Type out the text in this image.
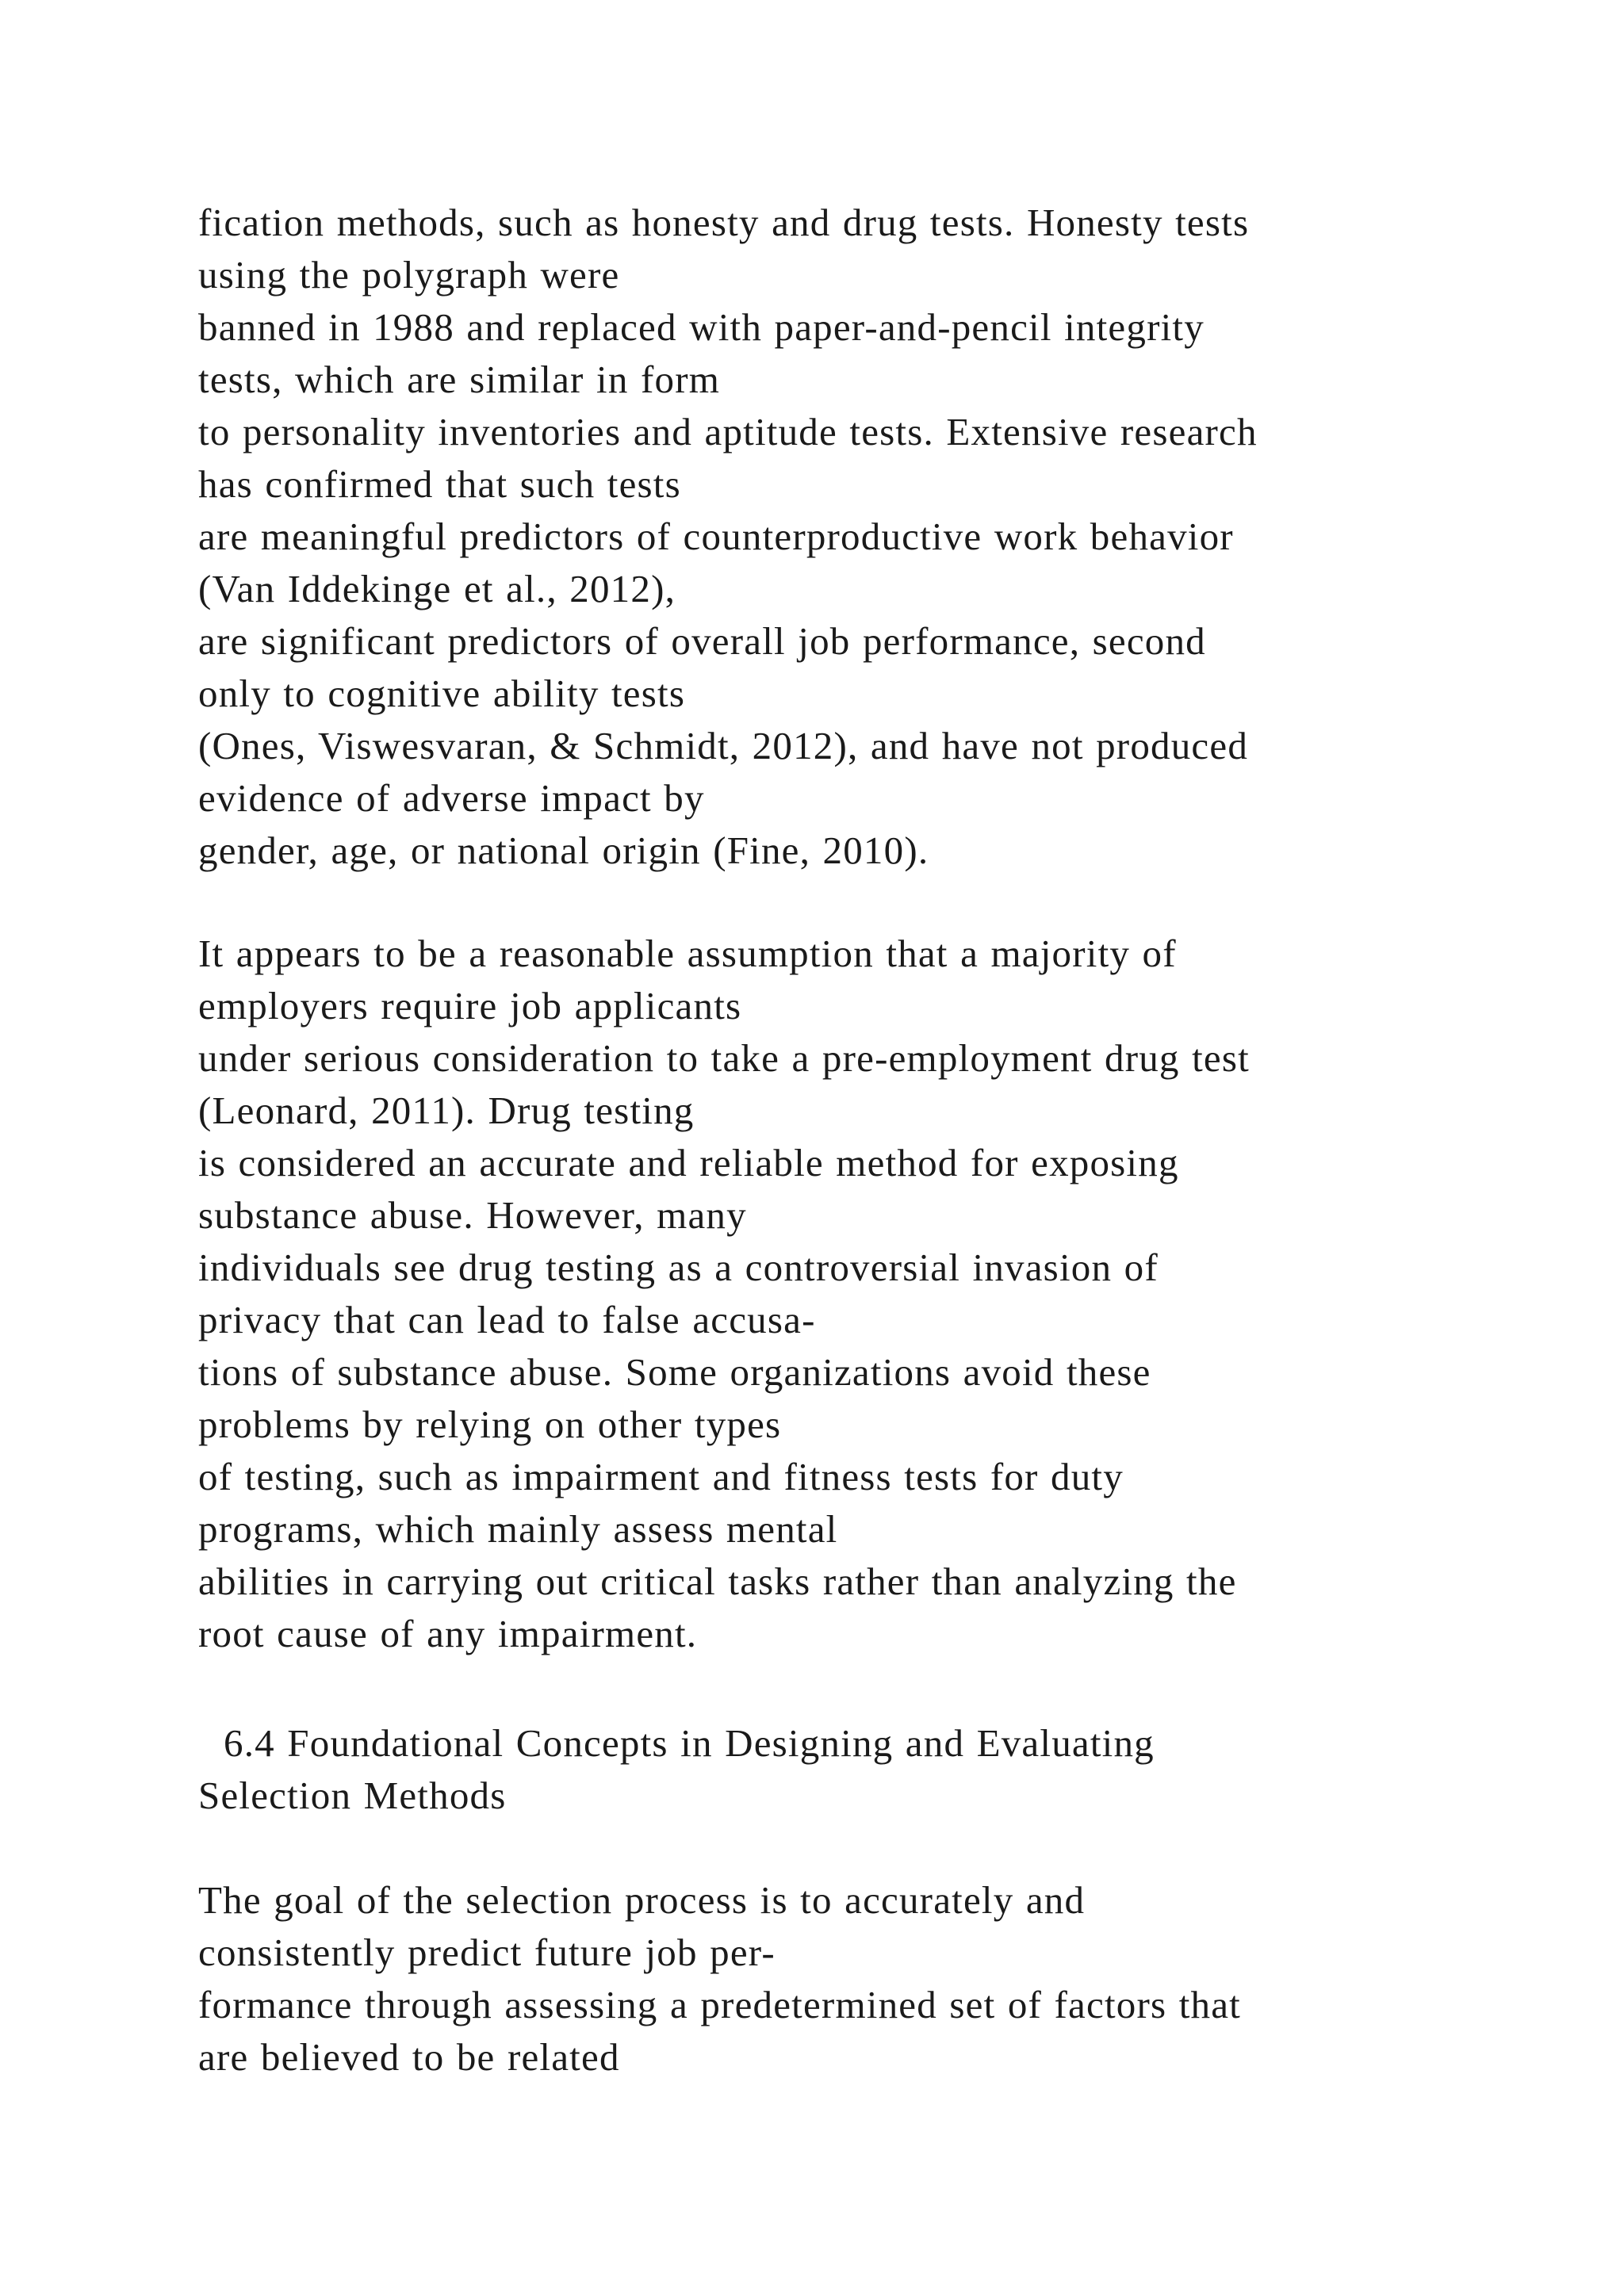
fication methods, such as honesty and drug tests. Honesty tests
using the polygraph were
banned in 1988 and replaced with paper-and-pencil integrity
tests, which are similar in form
to personality inventories and aptitude tests. Extensive research
has confirmed that such tests
are meaningful predictors of counterproductive work behavior
(Van Iddekinge et al., 2012),
are significant predictors of overall job performance, second
only to cognitive ability tests
(Ones, Viswesvaran, & Schmidt, 2012), and have not produced
evidence of adverse impact by
gender, age, or national origin (Fine, 2010).
It appears to be a reasonable assumption that a majority of
employers require job applicants
under serious consideration to take a pre-employment drug test
(Leonard, 2011). Drug testing
is considered an accurate and reliable method for exposing
substance abuse. However, many
individuals see drug testing as a controversial invasion of
privacy that can lead to false accusa-
tions of substance abuse. Some organizations avoid these
problems by relying on other types
of testing, such as impairment and fitness tests for duty
programs, which mainly assess mental
abilities in carrying out critical tasks rather than analyzing the
root cause of any impairment.
6.4 Foundational Concepts in Designing and Evaluating
Selection Methods
The goal of the selection process is to accurately and
consistently predict future job per-
formance through assessing a predetermined set of factors that
are believed to be related
